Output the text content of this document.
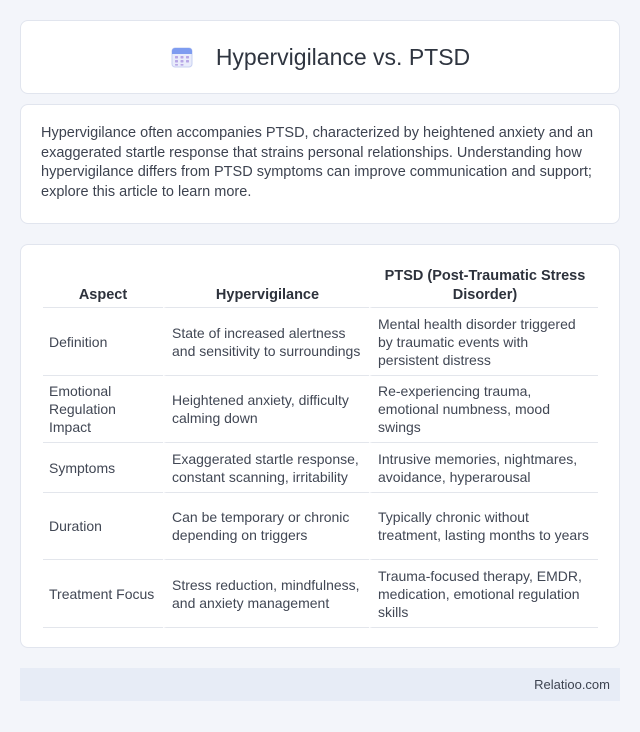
Hypervigilance vs. PTSD

Hypervigilance often accompanies PTSD, characterized by heightened anxiety and an exaggerated startle response that strains personal relationships. Understanding how hypervigilance differs from PTSD symptoms can improve communication and support; explore this article to learn more.

Aspect	Hypervigilance	PTSD (Post-Traumatic Stress Disorder)
Definition	State of increased alertness and sensitivity to surroundings	Mental health disorder triggered by traumatic events with persistent distress
Emotional Regulation Impact	Heightened anxiety, difficulty calming down	Re-experiencing trauma, emotional numbness, mood swings
Symptoms	Exaggerated startle response, constant scanning, irritability	Intrusive memories, nightmares, avoidance, hyperarousal
Duration	Can be temporary or chronic depending on triggers	Typically chronic without treatment, lasting months to years
Treatment Focus	Stress reduction, mindfulness, and anxiety management	Trauma-focused therapy, EMDR, medication, emotional regulation skills
Relatioo.com
